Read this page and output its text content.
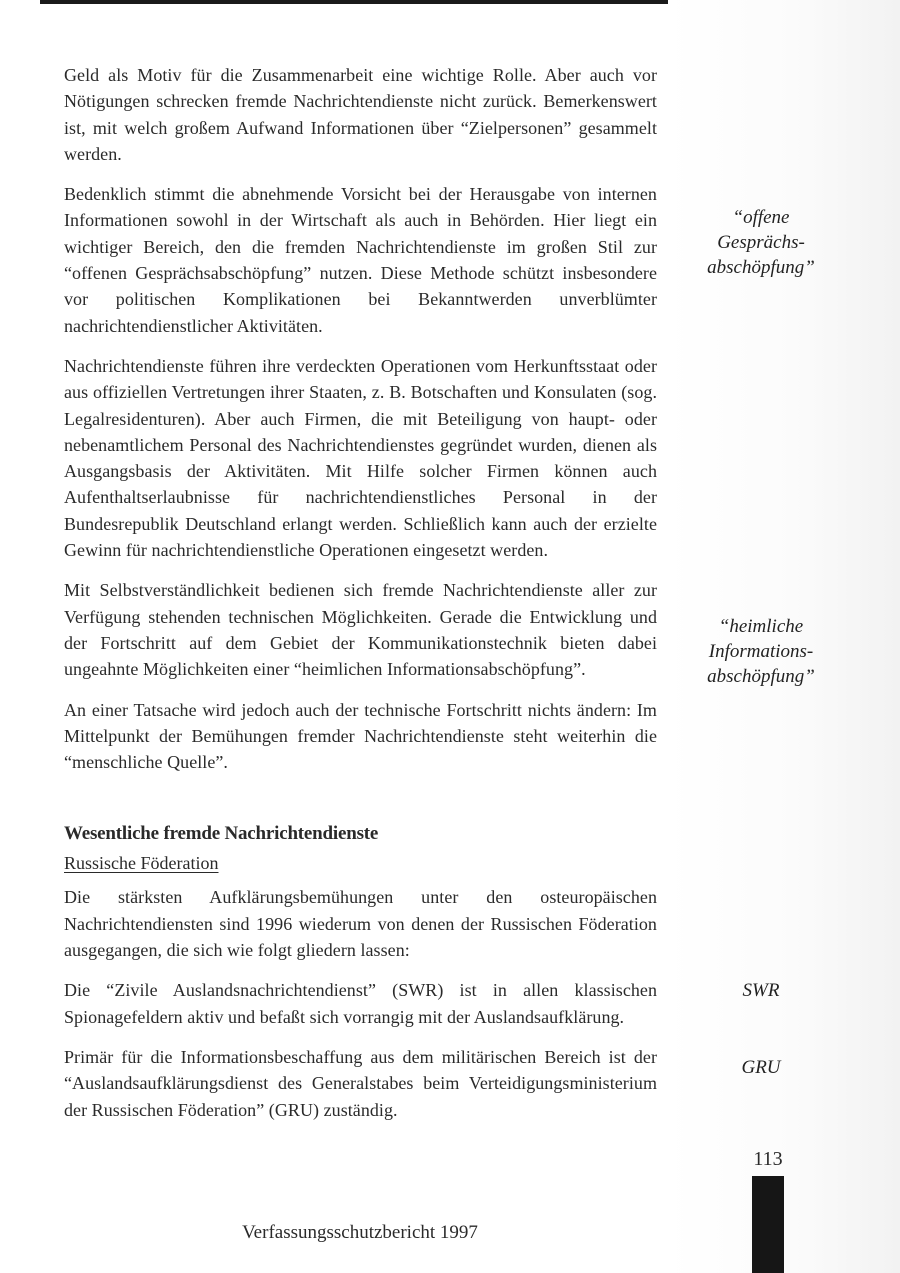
Geld als Motiv für die Zusammenarbeit eine wichtige Rolle. Aber auch vor Nötigungen schrecken fremde Nachrichtendienste nicht zurück. Bemerkenswert ist, mit welch großem Aufwand Informationen über “Zielpersonen” gesammelt werden.

Bedenklich stimmt die abnehmende Vorsicht bei der Herausgabe von internen Informationen sowohl in der Wirtschaft als auch in Behörden. Hier liegt ein wichtiger Bereich, den die fremden Nachrichtendienste im großen Stil zur “offenen Gesprächsabschöpfung” nutzen. Diese Methode schützt insbesondere vor politischen Komplikationen bei Bekanntwerden unverblümter nachrichtendienstlicher Aktivitäten.

Nachrichtendienste führen ihre verdeckten Operationen vom Herkunftsstaat oder aus offiziellen Vertretungen ihrer Staaten, z. B. Botschaften und Konsulaten (sog. Legalresidenturen). Aber auch Firmen, die mit Beteiligung von haupt- oder nebenamtlichem Personal des Nachrichtendienstes gegründet wurden, dienen als Ausgangsbasis der Aktivitäten. Mit Hilfe solcher Firmen können auch Aufenthaltserlaubnisse für nachrichtendienstliches Personal in der Bundesrepublik Deutschland erlangt werden. Schließlich kann auch der erzielte Gewinn für nachrichtendienstliche Operationen eingesetzt werden.

Mit Selbstverständlichkeit bedienen sich fremde Nachrichtendienste aller zur Verfügung stehenden technischen Möglichkeiten. Gerade die Entwicklung und der Fortschritt auf dem Gebiet der Kommunikationstechnik bieten dabei ungeahnte Möglichkeiten einer “heimlichen Informationsabschöpfung”.

An einer Tatsache wird jedoch auch der technische Fortschritt nichts ändern: Im Mittelpunkt der Bemühungen fremder Nachrichtendienste steht weiterhin die “menschliche Quelle”.

Wesentliche fremde Nachrichtendienste
Russische Föderation

Die stärksten Aufklärungsbemühungen unter den osteuropäischen Nachrichtendiensten sind 1996 wiederum von denen der Russischen Föderation ausgegangen, die sich wie folgt gliedern lassen:

Die “Zivile Auslandsnachrichtendienst” (SWR) ist in allen klassischen Spionagefeldern aktiv und befaßt sich vorrangig mit der Auslandsaufklärung.

Primär für die Informationsbeschaffung aus dem militärischen Bereich ist der “Auslandsaufklärungsdienst des Generalstabes beim Verteidigungsministerium der Russischen Föderation” (GRU) zuständig.

“offene
Gesprächs-
abschöpfung”
“heimliche
Informations-
abschöpfung”
SWR
GRU
113
Verfassungsschutzbericht 1997
